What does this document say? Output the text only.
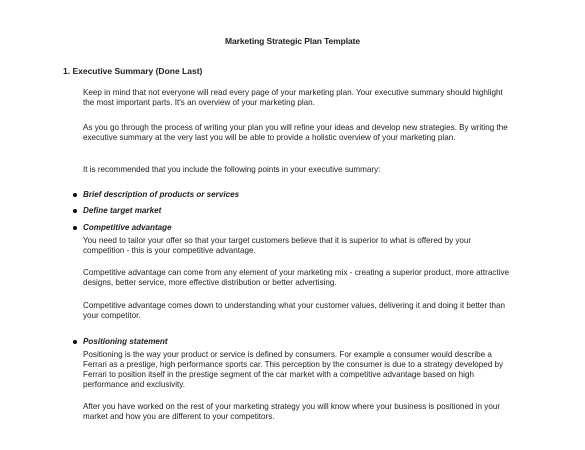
Marketing Strategic Plan Template
1. Executive Summary (Done Last)

Keep in mind that not everyone will read every page of your marketing plan. Your executive summary should highlight the most important parts. It's an overview of your marketing plan.

As you go through the process of writing your plan you will refine your ideas and develop new strategies. By writing the executive summary at the very last you will be able to provide a holistic overview of your marketing plan.

It is recommended that you include the following points in your executive summary:

Brief description of products or services
Define target market
Competitive advantage

You need to tailor your offer so that your target customers believe that it is superior to what is offered by your competition - this is your competitive advantage.

Competitive advantage can come from any element of your marketing mix - creating a superior product, more attractive designs, better service, more effective distribution or better advertising.

Competitive advantage comes down to understanding what your customer values, delivering it and doing it better than your competitor.

Positioning statement

Positioning is the way your product or service is defined by consumers. For example a consumer would describe a Ferrari as a prestige, high performance sports car. This perception by the consumer is due to a strategy developed by Ferrari to position itself in the prestige segment of the car market with a competitive advantage based on high performance and exclusivity.

After you have worked on the rest of your marketing strategy you will know where your business is positioned in your market and how you are different to your competitors.
